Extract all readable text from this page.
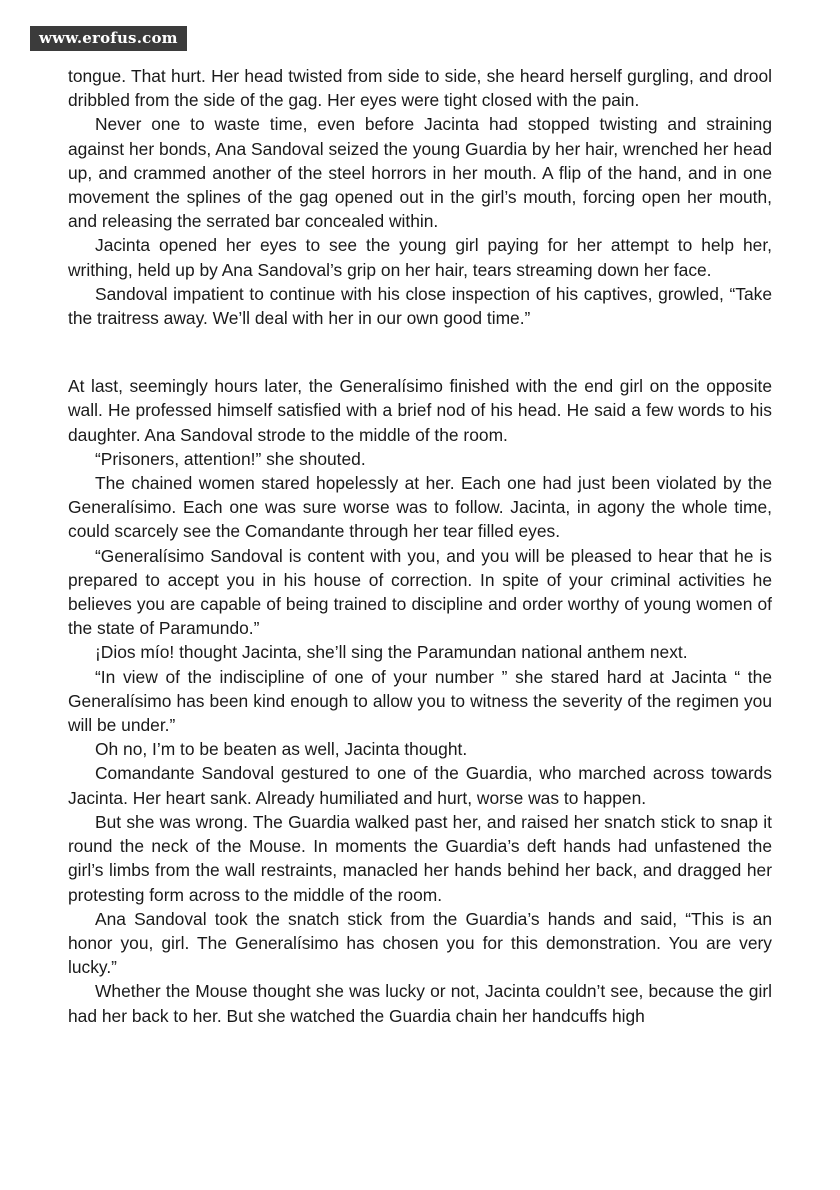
www.erofus.com

tongue. That hurt. Her head twisted from side to side, she heard herself gurgling, and drool dribbled from the side of the gag. Her eyes were tight closed with the pain.

Never one to waste time, even before Jacinta had stopped twisting and straining against her bonds, Ana Sandoval seized the young Guardia by her hair, wrenched her head up, and crammed another of the steel horrors in her mouth. A flip of the hand, and in one movement the splines of the gag opened out in the girl’s mouth, forcing open her mouth, and releasing the serrated bar concealed within.

Jacinta opened her eyes to see the young girl paying for her attempt to help her, writhing, held up by Ana Sandoval’s grip on her hair, tears streaming down her face.

Sandoval impatient to continue with his close inspection of his captives, growled, “Take the traitress away. We’ll deal with her in our own good time.”

At last, seemingly hours later, the Generalísimo finished with the end girl on the opposite wall. He professed himself satisfied with a brief nod of his head. He said a few words to his daughter. Ana Sandoval strode to the middle of the room.

“Prisoners, attention!” she shouted.

The chained women stared hopelessly at her. Each one had just been violated by the Generalísimo. Each one was sure worse was to follow. Jacinta, in agony the whole time, could scarcely see the Comandante through her tear filled eyes.

“Generalísimo Sandoval is content with you, and you will be pleased to hear that he is prepared to accept you in his house of correction. In spite of your criminal activities he believes you are capable of being trained to discipline and order worthy of young women of the state of Paramundo.”

¡Dios mío! thought Jacinta, she’ll sing the Paramundan national anthem next.

“In view of the indiscipline of one of your number ” she stared hard at Jacinta “ the Generalísimo has been kind enough to allow you to witness the severity of the regimen you will be under.”

Oh no, I’m to be beaten as well, Jacinta thought.

Comandante Sandoval gestured to one of the Guardia, who marched across towards Jacinta. Her heart sank. Already humiliated and hurt, worse was to happen.

But she was wrong. The Guardia walked past her, and raised her snatch stick to snap it round the neck of the Mouse. In moments the Guardia’s deft hands had unfastened the girl’s limbs from the wall restraints, manacled her hands behind her back, and dragged her protesting form across to the middle of the room.

Ana Sandoval took the snatch stick from the Guardia’s hands and said, “This is an honor you, girl. The Generalísimo has chosen you for this demonstration. You are very lucky.”

Whether the Mouse thought she was lucky or not, Jacinta couldn’t see, because the girl had her back to her. But she watched the Guardia chain her handcuffs high
